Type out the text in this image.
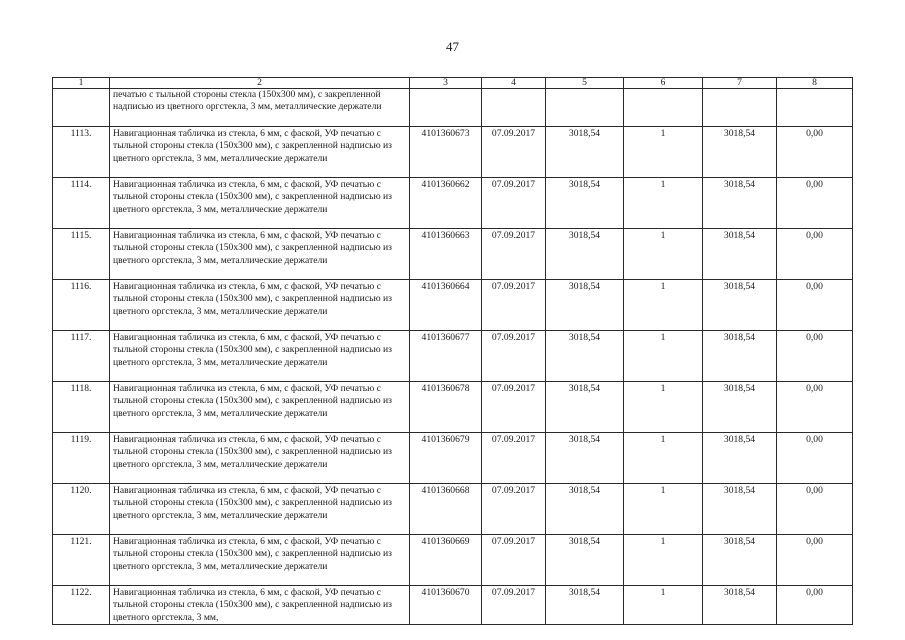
47
1	2	3	4	5	6	7	8
	печатью с тыльной стороны стекла (150х300 мм), с закрепленной надписью из цветного оргстекла, 3 мм, металлические держатели						
1113.	Навигационная табличка из стекла, 6 мм, с фаской, УФ печатью с тыльной стороны стекла (150х300 мм), с закрепленной надписью из цветного оргстекла, 3 мм, металлические держатели	4101360673	07.09.2017	3018,54	1	3018,54	0,00
1114.	Навигационная табличка из стекла, 6 мм, с фаской, УФ печатью с тыльной стороны стекла (150х300 мм), с закрепленной надписью из цветного оргстекла, 3 мм, металлические держатели	4101360662	07.09.2017	3018,54	1	3018,54	0,00
1115.	Навигационная табличка из стекла, 6 мм, с фаской, УФ печатью с тыльной стороны стекла (150х300 мм), с закрепленной надписью из цветного оргстекла, 3 мм, металлические держатели	4101360663	07.09.2017	3018,54	1	3018,54	0,00
1116.	Навигационная табличка из стекла, 6 мм, с фаской, УФ печатью с тыльной стороны стекла (150х300 мм), с закрепленной надписью из цветного оргстекла, 3 мм, металлические держатели	4101360664	07.09.2017	3018,54	1	3018,54	0,00
1117.	Навигационная табличка из стекла, 6 мм, с фаской, УФ печатью с тыльной стороны стекла (150х300 мм), с закрепленной надписью из цветного оргстекла, 3 мм, металлические держатели	4101360677	07.09.2017	3018,54	1	3018,54	0,00
1118.	Навигационная табличка из стекла, 6 мм, с фаской, УФ печатью с тыльной стороны стекла (150х300 мм), с закрепленной надписью из цветного оргстекла, 3 мм, металлические держатели	4101360678	07.09.2017	3018,54	1	3018,54	0,00
1119.	Навигационная табличка из стекла, 6 мм, с фаской, УФ печатью с тыльной стороны стекла (150х300 мм), с закрепленной надписью из цветного оргстекла, 3 мм, металлические держатели	4101360679	07.09.2017	3018,54	1	3018,54	0,00
1120.	Навигационная табличка из стекла, 6 мм, с фаской, УФ печатью с тыльной стороны стекла (150х300 мм), с закрепленной надписью из цветного оргстекла, 3 мм, металлические держатели	4101360668	07.09.2017	3018,54	1	3018,54	0,00
1121.	Навигационная табличка из стекла, 6 мм, с фаской, УФ печатью с тыльной стороны стекла (150х300 мм), с закрепленной надписью из цветного оргстекла, 3 мм, металлические держатели	4101360669	07.09.2017	3018,54	1	3018,54	0,00
1122.	Навигационная табличка из стекла, 6 мм, с фаской, УФ печатью с тыльной стороны стекла (150х300 мм), с закрепленной надписью из цветного оргстекла, 3 мм,	4101360670	07.09.2017	3018,54	1	3018,54	0,00
